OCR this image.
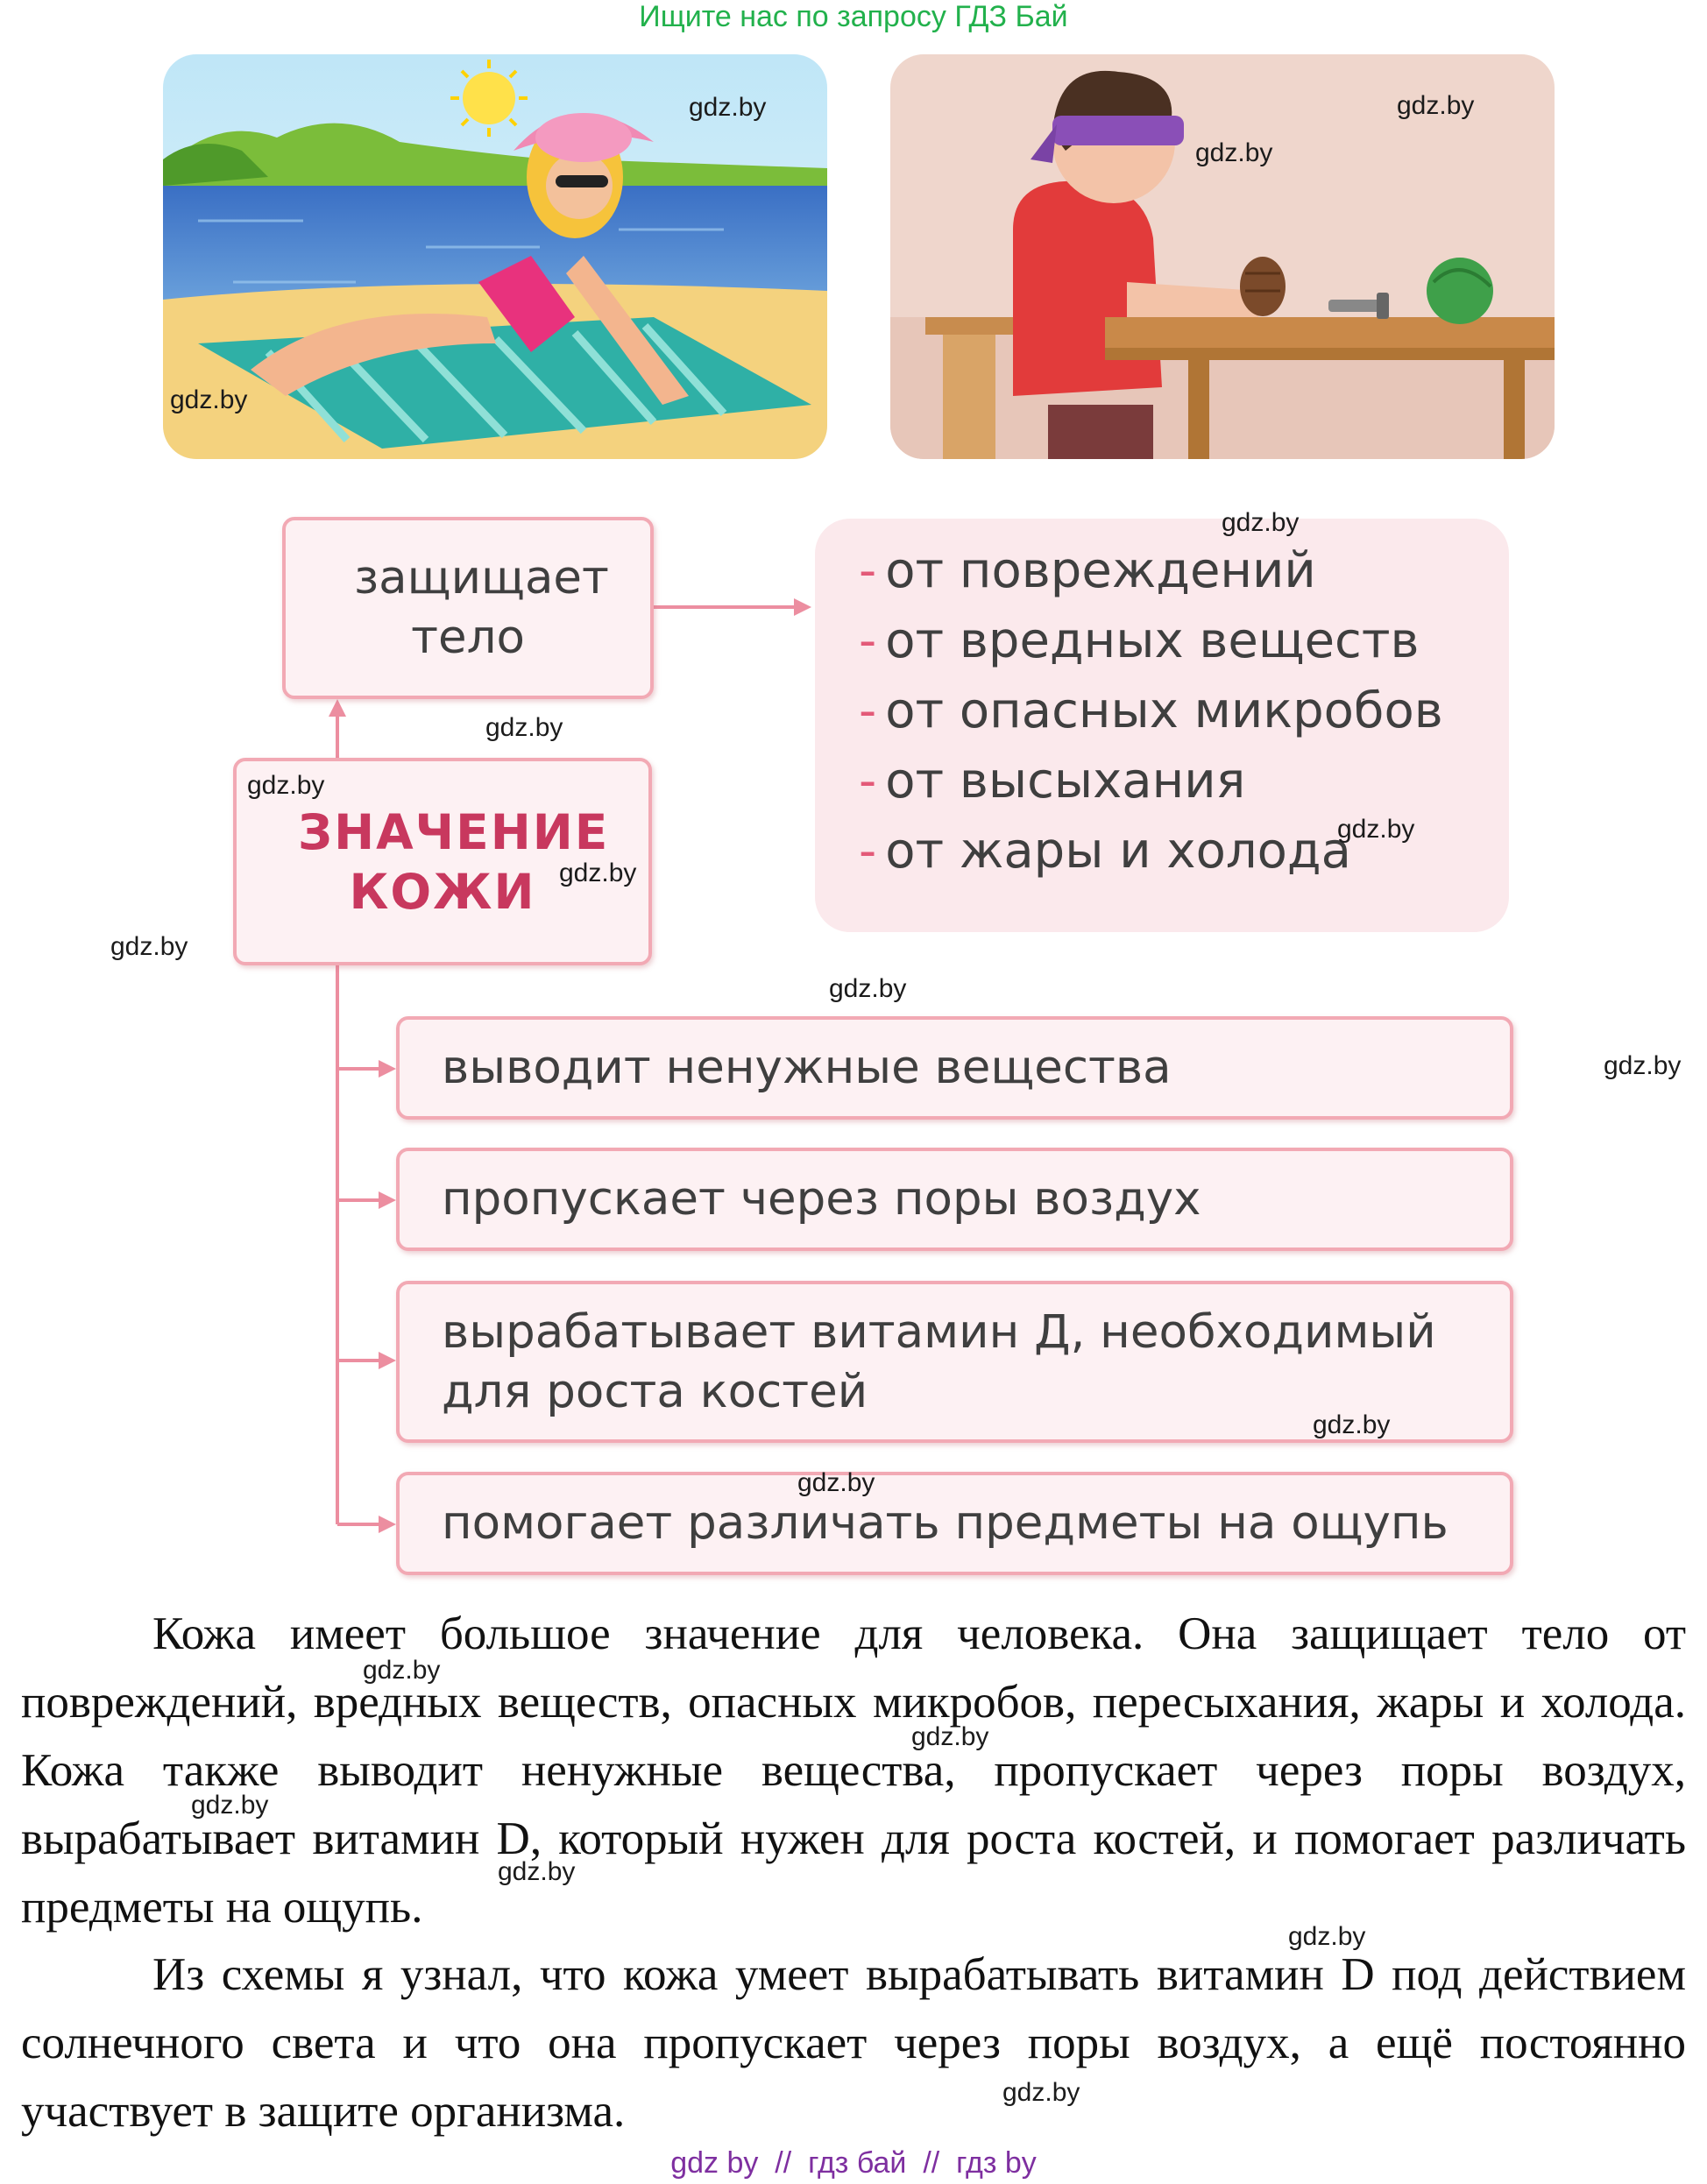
Ищите нас по запросу ГДЗ Бай
защищает тело
- от повреждений
- от вредных веществ
- от опасных микробов
- от высыхания
- от жары и холода
ЗНАЧЕНИЕ КОЖИ
выводит ненужные вещества
пропускает через поры воздух
вырабатывает витамин Д, необходимый для роста костей
помогает различать предметы на ощупь
Кожа имеет большое значение для человека. Она защищает тело от повреждений, вредных веществ, опасных микробов, пересыхания, жары и холода. Кожа также выводит ненужные вещества, пропускает через поры воздух, вырабатывает витамин D, который нужен для роста костей, и помогает различать предметы на ощупь.
Из схемы я узнал, что кожа умеет вырабатывать витамин D под действием солнечного света и что она пропускает через поры воздух, а ещё постоянно участвует в защите организма.
gdz.by	gdz.by
gdz.by
gdz.by
gdz.by
gdz.by
gdz.by
gdz.by
gdz.by
gdz.by
gdz.by
gdz.by
gdz.by
gdz.by
gdz.by
gdz.by
gdz.by
gdz.by
gdz.by
gdz.by
gdz by  //  гдз бай  //  гдз by
